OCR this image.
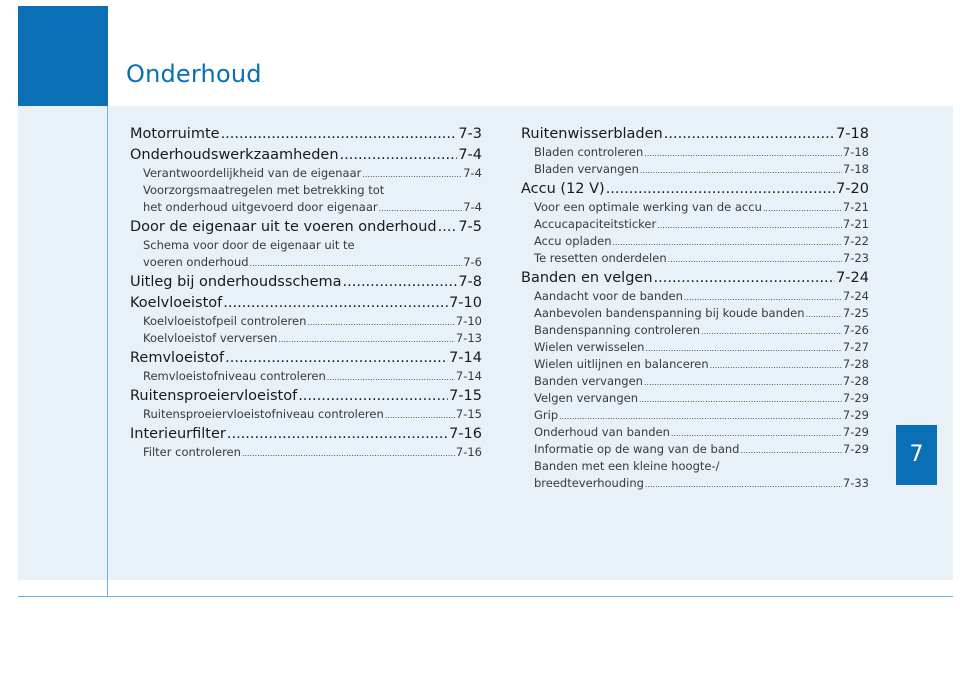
Onderhoud
Motorruimte .....	7-3
Onderhoudswerkzaamheden .....	7-4
Verantwoordelijkheid van de eigenaar .....	7-4
Voorzorgsmaatregelen met betrekking tot
het onderhoud uitgevoerd door eigenaar .....	7-4
Door de eigenaar uit te voeren onderhoud ..... 7-5
Schema voor door de eigenaar uit te
voeren onderhoud .....	7-6
Uitleg bij onderhoudsschema .....	7-8
Koelvloeistof .....	7-10
Koelvloeistofpeil controleren .....	7-10
Koelvloeistof verversen .....	7-13
Remvloeistof .....	7-14
Remvloeistofniveau controleren .....	7-14
Ruitensproeiervloeistof .....	7-15
Ruitensproeiervloeistofniveau controleren .....	7-15
Interieurfilter .....	7-16
Filter controleren .....	7-16
Ruitenwisserbladen .....	7-18
Bladen controleren .....	7-18
Bladen vervangen .....	7-18
Accu (12 V) .....	7-20
Voor een optimale werking van de accu .....	7-21
Accucapaciteitsticker .....	7-21
Accu opladen .....	7-22
Te resetten onderdelen .....	7-23
Banden en velgen .....	7-24
Aandacht voor de banden .....	7-24
Aanbevolen bandenspanning bij koude banden .....	7-25
Bandenspanning controleren .....	7-26
Wielen verwisselen .....	7-27
Wielen uitlijnen en balanceren .....	7-28
Banden vervangen .....	7-28
Velgen vervangen .....	7-29
Grip .....	7-29
Onderhoud van banden .....	7-29
Informatie op de wang van de band .....	7-29
Banden met een kleine hoogte-/
breedteverhouding .....	7-33
7
